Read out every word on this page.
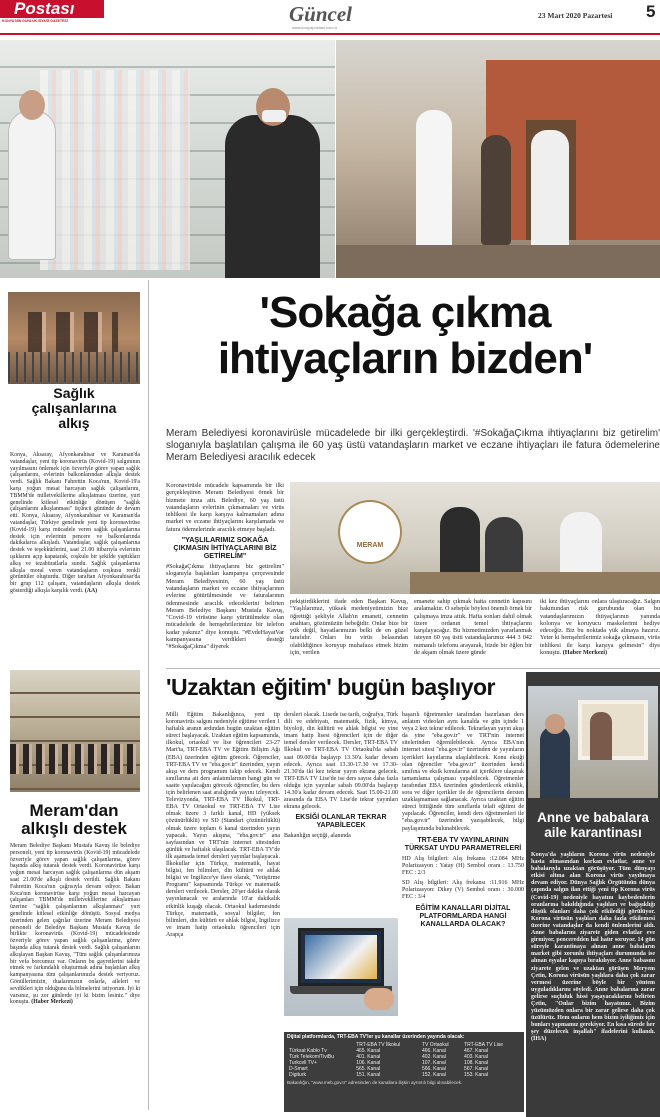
Postası
KONYA'NIN GÜNLÜK SİYASİ GAZETESİ	Güncel
www.konyapostasi.com.tr
23 Mart 2020 Pazartesi 5
Sağlık
çalışanlarına
alkış

Konya, Aksaray, Afyonkarahisar ve Karaman'da vatandaşlar, yeni tip koronavirüs (Kovid-19) salgınının yayılmasını önlemek için özveriyle görev yapan sağlık çalışanlarını, evlerinin balkonlarından alkışla destek verdi. Sağlık Bakanı Fahrettin Koca'nın, Kovid-19'a karşı yoğun mesai harcayan sağlık çalışanlarını, TBMM'de milletvekillerine alkışlatması üzerine, yurt genelinde kitlesel etkinliğe dönüşen "sağlık çalışanlarını alkışlanması" üçüncü gününde de devam etti. Konya, Aksaray, Afyonkarahisar ve Karaman'da vatandaşlar, Türkiye genelinde yeni tip koronavirüse (Kovid-19) karşı mücadele veren sağlık çalışanlarına destek için evlerinin pencere ve balkonlarında dakikalarca alkışladı. Vatandaşlar, sağlık çalışanlarına destek ve teşekkürlerini, saat 21.00 itibarıyla evlerinin ışıklarını açıp kapatarak, coşkulu bir şekilde yaptıkları alkış ve tezahüratlarla sundu. Sağlık çalışanlarına alkışla moral veren vatandaşların coşkusu renkli görüntüler oluşturdu. Diğer taraftan Afyonkarahisar'da bir grup 112 çalışanı, vatandaşların alkışla destek gösterdiği alkışla karşılık verdi. (AA)

Meram'dan
alkışlı destek

Meram Belediye Başkanı Mustafa Kavuş ile belediye personeli, yeni tip koronavirüs (Kovid-19) mücadelede özveriyle görev yapan sağlık çalışanlarına, görev başında alkış tutarak destek verdi. Koronavirüse karşı yoğun mesai harcayan sağlık çalışanlarına dün akşam saat 21.00'de alkışlı destek verildi. Sağlık Bakanı Fahrettin Koca'nın çağrısıyla devam ediyor. Bakan Koca'nın koronavirüse karşı yoğun mesai harcayan çalışanları TBMM'de milletvekillerine alkışlatması üzerine "sağlık çalışanlarının alkışlanması" yurt genelinde kitlesel etkinliğe dönüştü. Sosyal medya üzerinden gelen çağrılar üzerine Meram Belediyesi personeli de Belediye Başkanı Mustafa Kavuş ile birlikte koronavirüs (Kovid-19) mücadelesinde özveriyle görev yapan sağlık çalışanlarına, görev başında alkış tutarak destek verdi. Sağlık çalışanlarını alkışlayan Başkan Kavuş, "Tüm sağlık çalışanlarımıza bir vefa borcumuz var. Onların bu gayretlerini takdir etmek ve farkındalık oluşturmak adına başlatılan alkış kampanyasına tüm çalışanlarımızla destek veriyoruz. Gönüllerimizin, dualarımızın onlarla, aileleri ve sevdikleri için olduğunu da bilmelerini istiyorum. İyi ki varsınız, şu zor günlerde iyi ki bizim lesiniz." diye konuştu. (Haber Merkezi)

'Sokağa çıkma
ihtiyaçların bizden'

Meram Belediyesi koronavirüsle mücadelede bir ilki gerçekleştirdi. '#SokağaÇıkma ihtiyaçlarını biz getirelim' sloganıyla başlatılan çalışma ile 60 yaş üstü vatandaşların market ve eczane ihtiyaçları ile fatura ödemelerine Meram Belediyesi aracılık edecek

Koronavirüsle mücadele kapsamında bir ilki gerçekleştiren Meram Belediyesi örnek bir hizmete imza attı. Belediye, 60 yaş üstü vatandaşların evlerinin çıkmamaları ve virüs tehlikesi ile karşı karşıya kalmamaları adına market ve eczane ihtiyaçlarını karşılamada ve fatura ödemelerinde aracılık etmeye başladı.

"YAŞLILARIMIZ SOKAĞA ÇIKMASIN İHTİYAÇLARINI BİZ GETİRELİM"

#SokağaÇıkma ihtiyaçlarını biz getirelim" sloganıyla başlatılan kampanya çerçevesinde Meram Belediyesinin, 60 yaş üstü vatandaşların market ve eczane ihtiyaçlarının evlerine götürülmesinde ve faturalarının ödenmesinde aracılık edeceklerini belirten Meram Belediye Başkanı Mustafa Kavuş, "Covid-19 virüsüne karşı yürütülmekte olan mücadelede de hemşehrilerimize bir telefon kadar yakınız" diye konuştu. "#EvdeHayatVar kampanyasına verdikleri desteği "#SokağaÇıkma" diyerek

MERAM

pekiştirdiklerini ifade eden Başkan Kavuş, "Yaşlılarımız, yüksek medeniyetimizin bize öğrettiği şekliyle Allah'ın emaneti, cennetin anahtarı, gözümüzün bebeğidir. Onlar bize bir yük değil, hayatlarımızın belki de en güzel tarafıdır. Onları bu virüs belasından olabildiğince koruyup muhafaza etmek bizim için, verilen

emanete sahip çıkmak hatta cennetin kapısını aralamaktır. O sebeple böylesi önemli örnek bir çalışmaya imza attık. Hafta sonları dahil olmak üzere ordanın temel ihtiyaçlarını karşılayacağız. Bu hizmetimizden yararlanmak isteyen 60 yaş üstü vatandaşlarımız 444 3 042 numaralı telefonu arayarak, bizde bir öğlen bir de akşam olmak üzere günde

iki kez ihtiyaçlarını onlara ulaştıracağız. Salgın bakımından risk gurubunda olan bu vatandaşlarımızın ihtiyaçlarının yanında kolonya ve koruyucu maskelerimi hediye edeceğiz. Biz bu noktada yük almaya hazırız. Yeter ki hemşehrilerimiz sokağa çıkmasın, virüs tehlikesi ile karşı karşıya gelmesin" diye konuştu. (Haber Merkezi)

'Uzaktan eğitim' bugün başlıyor

Milli Eğitim Bakanlığınca, yeni tip koronavirüs salgını nedeniyle eğitime verilen 1 haftalık aranın ardından bugün uzaktan eğitim süreci başlayacak. Uzaktan eğitim kapsamında, ilkokul, ortaokul ve lise öğrencileri 23-27 Mart'ta, TRT-EBA TV ve Eğitim Bilişim Ağı (EBA) üzerinden eğitim görecek. Öğrenciler, TRT-EBA TV ve "eba.gov.tr" üzerinden, yayın akışı ve ders programını takip edecek. Kendi sınıflarına ait ders anlatımlarının hangi gün ve saatte yapılacağını görecek öğrenciler, bu ders için belirlenen saat aralığında yayını izleyecek. Televizyonda, TRT-EBA TV İlkokul, TRT-EBA TV Ortaokul ve TRT-EBA TV Lise olmak üzere 3 farklı kanal, HD (yüksek çözünürlüklü) ve SD (Standart çözünürlüklü) olmak üzere toplam 6 kanal üzerinden yayın yapacak. Yayın akışına, "eba.gov.tr" ana sayfasından ve TRT'nin internet sitesinden günlük ve haftalık ulaşılacak. TRT-EBA TV'de ilk aşamada temel dersleri yayınlar başlayacak. İlkokullar için Türkçe, matematik, hayat bilgisi, fen bilimleri, din kültürü ve ahlak bilgisi ve İngilizce'ye ilave olarak, "Yetiştirme Programı" kapsamında Türkçe ve matematik dersleri verilecek. Dersler, 20'şer dakika olarak yayınlanacak ve aralarında 10'ar dakikalık etkinlik kuşağı olacak. Ortaokul kademesinde Türkçe, matematik, sosyal bilgiler, fen bilimleri, din kültürü ve ahlak bilgisi, İngilizce ve imam hatip ortaokulu öğrencileri için Arapça

dersleri olacak. Lisede ise tarih, coğrafya, Türk dili ve edebiyatı, matematik, fizik, kimya, biyoloji, din kültürü ve ahlak bilgisi ve yine imam hatip lisesi öğrencileri için de diğer temel dersler verilecek. Dersler, TRT-EBA TV İlkokul ve TRT-EBA TV Ortaokul'da sabah saat 09.00'da başlayıp 13.30'a kadar devam edecek. Ayrıca saat 13.30-17.30 ve 17.30-21.30'da iki kez tekrar yayın ekrana gelecek. TRT-EBA TV Lise'de ise ders sayısı daha fazla olduğu için yayınlar sabah 09.00'da başlayıp 14.30'a kadar devam edecek. Saat 15.00-21.00 arasında da EBA TV Lise'de tekrar yayınları ekrana gelecek.

EKSİĞİ OLANLAR TEKRAR YAPABİLECEK

Bakanlığın seçtiği, alanında

başarılı öğretmenler tarafından hazırlanan ders anlatım videoları aynı kanalda ve gün içinde 1 veya 2 kez tekrar edilecek. Tekrarlayan yayın akışı da yine "eba.gov.tr" ve TRT'nin internet sitelerinden öğrenilebilecek. Ayrıca EBA'nın internet sitesi "eba.gov.tr" üzerinden de yayınların içerikleri kayıtlarına ulaşılabilecek. Konu eksiği olan öğrenciler "eba.gov.tr" üzerinden kendi sınıfına ve eksik konularına ait içeriklere ulaşarak tamamlama çalışması yapabilecek. Öğretmenler tarafından EBA üzerinden gönderilecek etkinlik, sora ve diğer içerikler ile de öğrencilerin dersten uzaklaşmaması sağlanacak. Ayrıca uzaktan eğitim süreci bittiğinde tüm sınıflarda telafi eğitimi de yapılacak. Öğrenciler, kendi ders öğretmenleri ile "eba.gov.tr" üzerinden yazışabilecek, bilgi paylaşımında bulunabilecek.

TRT-EBA TV YAYINLARININ TÜRKSAT UYDU PARAMETRELERİ

HD Alış bilgileri: Alış frekansı :12.084 MHz Polarizasyon : Yatay (H) Sembol oranı : 13.750 FEC : 2/3

SD Alış bilgileri: Alış frekansı :11.916 MHz Polarizasyon: Dikey (V) Sembol oranı : 30.000 FEC : 3/4

EĞİTİM KANALLARI DİJİTAL PLATFORMLARDA HANGİ KANALLARDA OLACAK?
Dijital platformlarda, TRT-EBA TV'ler şu kanallar üzerinden yayında olacak:
	TRT-EBA TV İlkokul	TV Ortaokul	TRT-EBA TV Lise
Türksat Kablo Tv	465. Kanal	466. Kanal	467. Kanal
Türk Telekom/TiviBu	401. Kanal	402. Kanal	403. Kanal
Turkcell TV+	106. Kanal	107. Kanal	108. Kanal
D-Smart	565. Kanal	566. Kanal	567. Kanal
Digiturk	151. Kanal	152. Kanal	153. Kanal
Bakanlığın, "www.meb.gov.tr" adresinden de kanallara ilişkin ayrıntılı bilgi alınabilecek.
Anne ve babalara
aile karantinası

Konya'da yaşlıların Korona virüs nedeniyle hasta olmasından korkan evlatlar, anne ve babalarıyla uzaktan görüşüyor. Tüm dünyayı etkisi altına alan Korona virüs yayılmaya devam ediyor. Dünya Sağlık Örgütünün dünya çapında salgın ilan ettiği yeni tip Korona virüs (Covid-19) nedeniyle hayatını kaybedenlerin oranlarına bakıldığında yaşlıları ve bağışıklığı düşük olanları daha çok etkilediği görülüyor. Korona virüsün yaşlıları daha fazla etkilemesi üzerine vatandaşlar da kendi önlemlerini aldı. Anne babalarını ziyarete giden evlatlar eve girmiyor, penceredden hal hatır soruyor. 14 gün süreyle karantinaya alınan anne babaların market gibi zorunlu ihtiyaçları durumunda ise alınan eşyalar kapıya bırakılıyor. Anne babasını ziyarete gelen ve uzaktan görüşen Meryem Çetin, Korona virüsün yaşlılara daha çok zarar vermesi üzerine böyle bir yöntem uyguladıklarını söyledi. Anne babalarına zarar gelirse suçluluk hissi yaşayacaklarını belirten Çetin, "Onlar bizim hayatımız. Bizim yüzümüzden onlara bir zarar gelirse daha çok üzülürüz. Hem onların hem bizim iyiliğimiz için bunları yapmamız gerekiyor. En kısa sürede her şey düzelecek inşallah" ifadelerini kullandı. (İHA)
